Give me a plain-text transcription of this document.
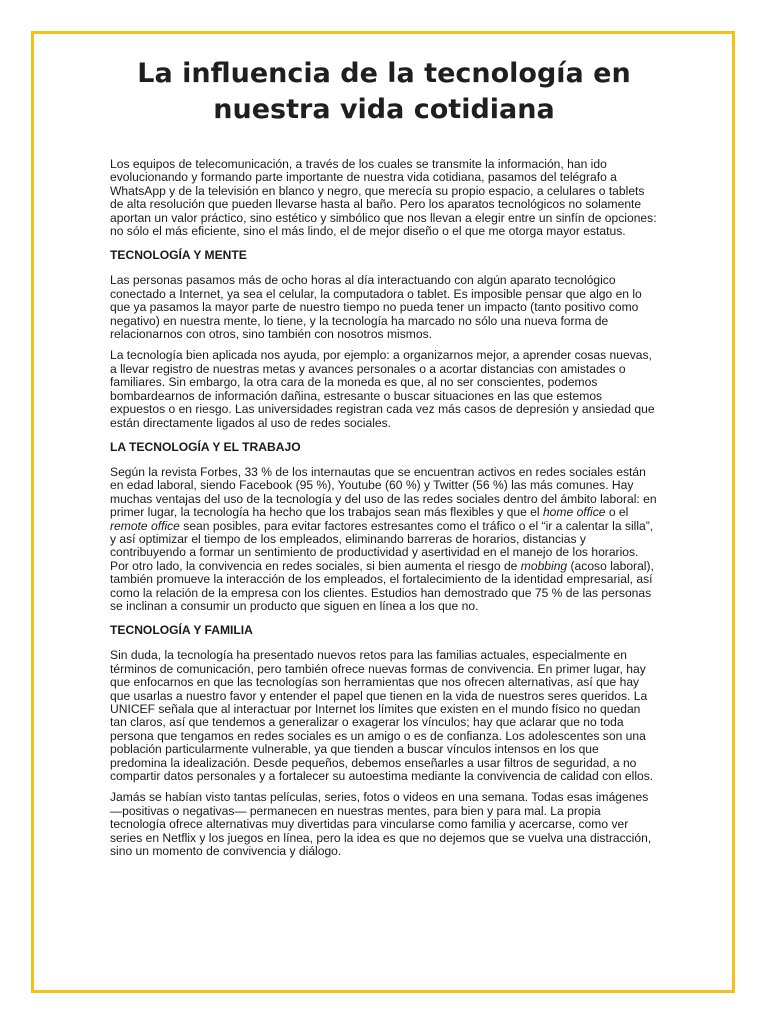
La influencia de la tecnología en nuestra vida cotidiana

Los equipos de telecomunicación, a través de los cuales se transmite la información, han ido evolucionando y formando parte importante de nuestra vida cotidiana, pasamos del telégrafo a WhatsApp y de la televisión en blanco y negro, que merecía su propio espacio, a celulares o tablets de alta resolución que pueden llevarse hasta al baño. Pero los aparatos tecnológicos no solamente aportan un valor práctico, sino estético y simbólico que nos llevan a elegir entre un sinfín de opciones: no sólo el más eficiente, sino el más lindo, el de mejor diseño o el que me otorga mayor estatus.

TECNOLOGÍA Y MENTE

Las personas pasamos más de ocho horas al día interactuando con algún aparato tecnológico conectado a Internet, ya sea el celular, la computadora o tablet. Es imposible pensar que algo en lo que ya pasamos la mayor parte de nuestro tiempo no pueda tener un impacto (tanto positivo como negativo) en nuestra mente, lo tiene, y la tecnología ha marcado no sólo una nueva forma de relacionarnos con otros, sino también con nosotros mismos.

La tecnología bien aplicada nos ayuda, por ejemplo: a organizarnos mejor, a aprender cosas nuevas, a llevar registro de nuestras metas y avances personales o a acortar distancias con amistades o familiares. Sin embargo, la otra cara de la moneda es que, al no ser conscientes, podemos bombardearnos de información dañina, estresante o buscar situaciones en las que estemos expuestos o en riesgo. Las universidades registran cada vez más casos de depresión y ansiedad que están directamente ligados al uso de redes sociales.

LA TECNOLOGÍA Y EL TRABAJO

Según la revista Forbes, 33 % de los internautas que se encuentran activos en redes sociales están en edad laboral, siendo Facebook (95 %), Youtube (60 %) y Twitter (56 %) las más comunes. Hay muchas ventajas del uso de la tecnología y del uso de las redes sociales dentro del ámbito laboral: en primer lugar, la tecnología ha hecho que los trabajos sean más flexibles y que el home office o el remote office sean posibles, para evitar factores estresantes como el tráfico o el “ir a calentar la silla”, y así optimizar el tiempo de los empleados, eliminando barreras de horarios, distancias y contribuyendo a formar un sentimiento de productividad y asertividad en el manejo de los horarios. Por otro lado, la convivencia en redes sociales, si bien aumenta el riesgo de mobbing (acoso laboral), también promueve la interacción de los empleados, el fortalecimiento de la identidad empresarial, así como la relación de la empresa con los clientes. Estudios han demostrado que 75 % de las personas se inclinan a consumir un producto que siguen en línea a los que no.

TECNOLOGÍA Y FAMILIA

Sin duda, la tecnología ha presentado nuevos retos para las familias actuales, especialmente en términos de comunicación, pero también ofrece nuevas formas de convivencia. En primer lugar, hay que enfocarnos en que las tecnologías son herramientas que nos ofrecen alternativas, así que hay que usarlas a nuestro favor y entender el papel que tienen en la vida de nuestros seres queridos. La UNICEF señala que al interactuar por Internet los límites que existen en el mundo físico no quedan tan claros, así que tendemos a generalizar o exagerar los vínculos; hay que aclarar que no toda persona que tengamos en redes sociales es un amigo o es de confianza. Los adolescentes son una población particularmente vulnerable, ya que tienden a buscar vínculos intensos en los que predomina la idealización. Desde pequeños, debemos enseñarles a usar filtros de seguridad, a no compartir datos personales y a fortalecer su autoestima mediante la convivencia de calidad con ellos.

Jamás se habían visto tantas películas, series, fotos o videos en una semana. Todas esas imágenes —positivas o negativas— permanecen en nuestras mentes, para bien y para mal. La propia tecnología ofrece alternativas muy divertidas para vincularse como familia y acercarse, como ver series en Netflix y los juegos en línea, pero la idea es que no dejemos que se vuelva una distracción, sino un momento de convivencia y diálogo.
